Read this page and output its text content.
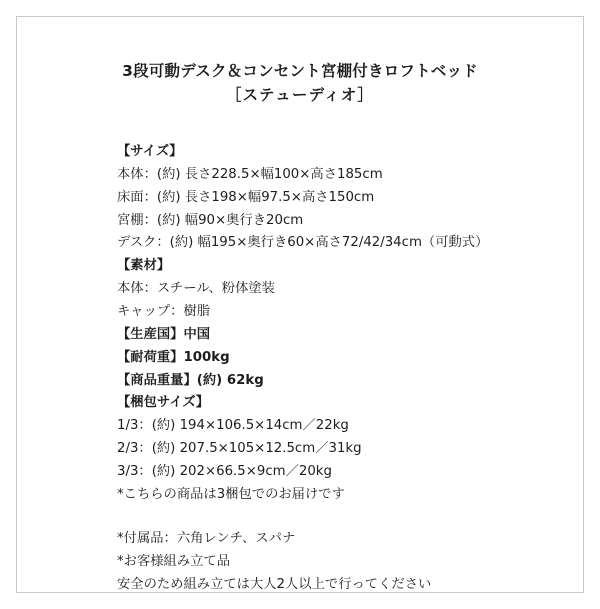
3段可動デスク＆コンセント宮棚付きロフトベッド
［ステューディオ］
【サイズ】
本体：(約) 長さ228.5×幅100×高さ185cm
床面：(約) 長さ198×幅97.5×高さ150cm
宮棚：(約) 幅90×奥行き20cm
デスク：(約) 幅195×奥行き60×高さ72/42/34cm（可動式）
【素材】
本体：スチール、粉体塗装
キャップ：樹脂
【生産国】中国
【耐荷重】100kg
【商品重量】(約) 62kg
【梱包サイズ】
1/3：(約) 194×106.5×14cm／22kg
2/3：(約) 207.5×105×12.5cm／31kg
3/3：(約) 202×66.5×9cm／20kg
*こちらの商品は3梱包でのお届けです
*付属品：六角レンチ、スパナ
*お客様組み立て品
安全のため組み立ては大人2人以上で行ってください
